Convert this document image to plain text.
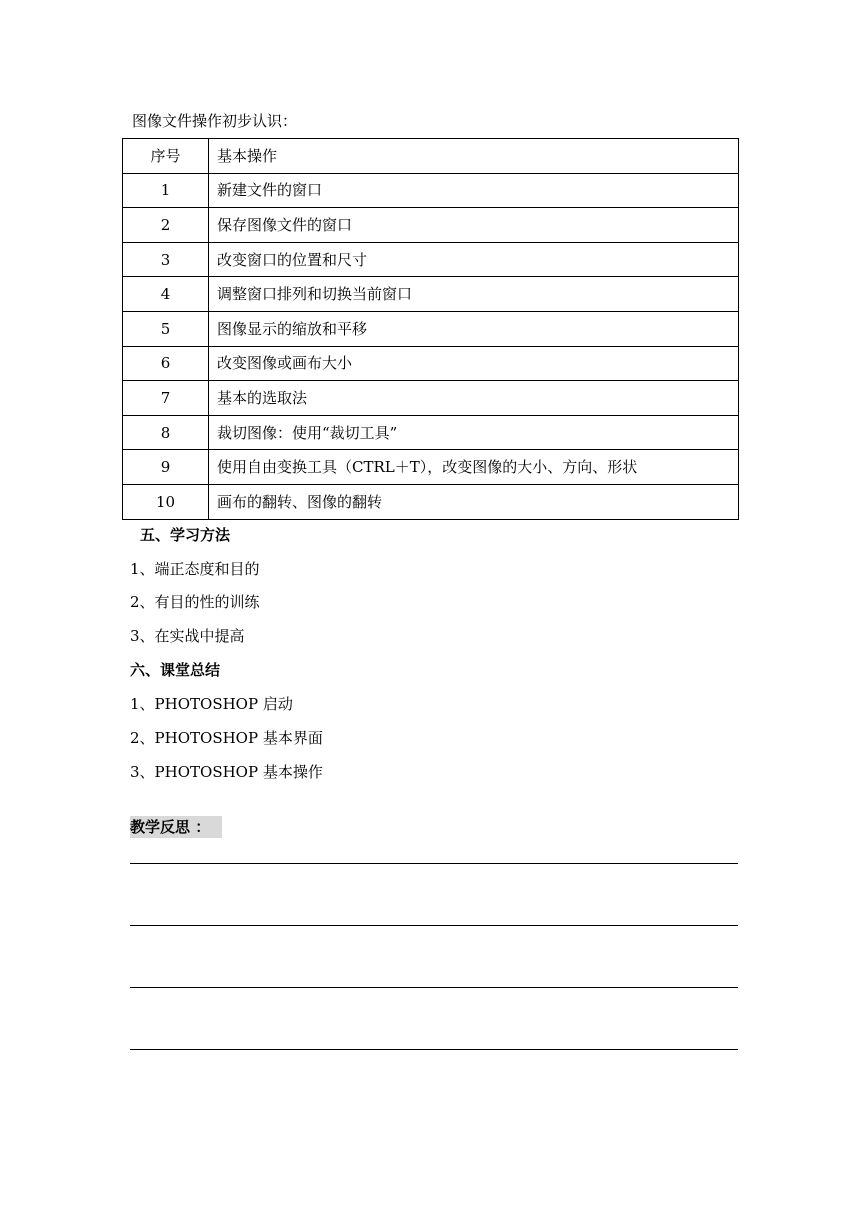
图像文件操作初步认识：
序号	基本操作
1	新建文件的窗口
2	保存图像文件的窗口
3	改变窗口的位置和尺寸
4	调整窗口排列和切换当前窗口
5	图像显示的缩放和平移
6	改变图像或画布大小
7	基本的选取法
8	裁切图像：使用“裁切工具”
9	使用自由变换工具（CTRL＋T），改变图像的大小、方向、形状
10	画布的翻转、图像的翻转
五、学习方法
1、端正态度和目的
2、有目的性的训练
3、在实战中提高
六、课堂总结
1、PHOTOSHOP 启动
2、PHOTOSHOP 基本界面
3、PHOTOSHOP 基本操作
教学反思 ：
